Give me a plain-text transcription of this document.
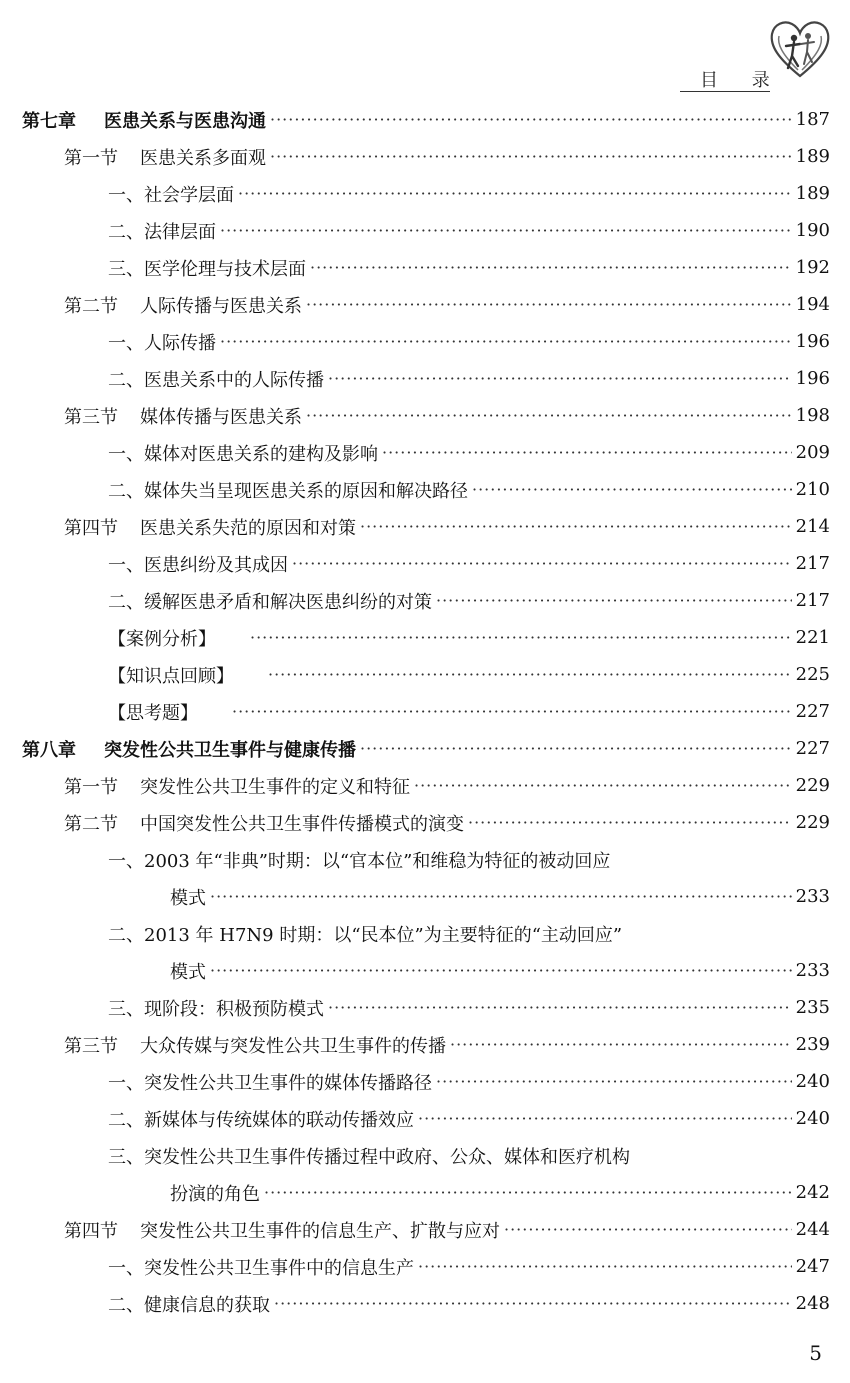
目 录
第七章 医患关系与医患沟通 ·····	187
第一节 医患关系多面观 ·····	189
一、社会学层面 ·····	189
二、法律层面 ·····	190
三、医学伦理与技术层面 ·····	192
第二节 人际传播与医患关系 ·····	194
一、人际传播 ·····	196
二、医患关系中的人际传播 ·····	196
第三节 媒体传播与医患关系 ·····	198
一、媒体对医患关系的建构及影响 ·····	209
二、媒体失当呈现医患关系的原因和解决路径 ·····	210
第四节 医患关系失范的原因和对策 ·····	214
一、医患纠纷及其成因 ·····	217
二、缓解医患矛盾和解决医患纠纷的对策 ·····	217
【案例分析】 ·····	221
【知识点回顾】 ·····	225
【思考题】 ·····	227
第八章 突发性公共卫生事件与健康传播 ·····	227
第一节 突发性公共卫生事件的定义和特征 ·····	229
第二节 中国突发性公共卫生事件传播模式的演变 ·····	229
一、2003 年“非典”时期：以“官本位”和维稳为特征的被动回应
模式 ·····	233
二、2013 年 H7N9 时期：以“民本位”为主要特征的“主动回应”
模式 ·····	233
三、现阶段：积极预防模式 ·····	235
第三节 大众传媒与突发性公共卫生事件的传播 ·····	239
一、突发性公共卫生事件的媒体传播路径 ·····	240
二、新媒体与传统媒体的联动传播效应 ·····	240
三、突发性公共卫生事件传播过程中政府、公众、媒体和医疗机构
扮演的角色 ·····	242
第四节 突发性公共卫生事件的信息生产、扩散与应对 ·····	244
一、突发性公共卫生事件中的信息生产 ·····	247
二、健康信息的获取 ·····	248
5
